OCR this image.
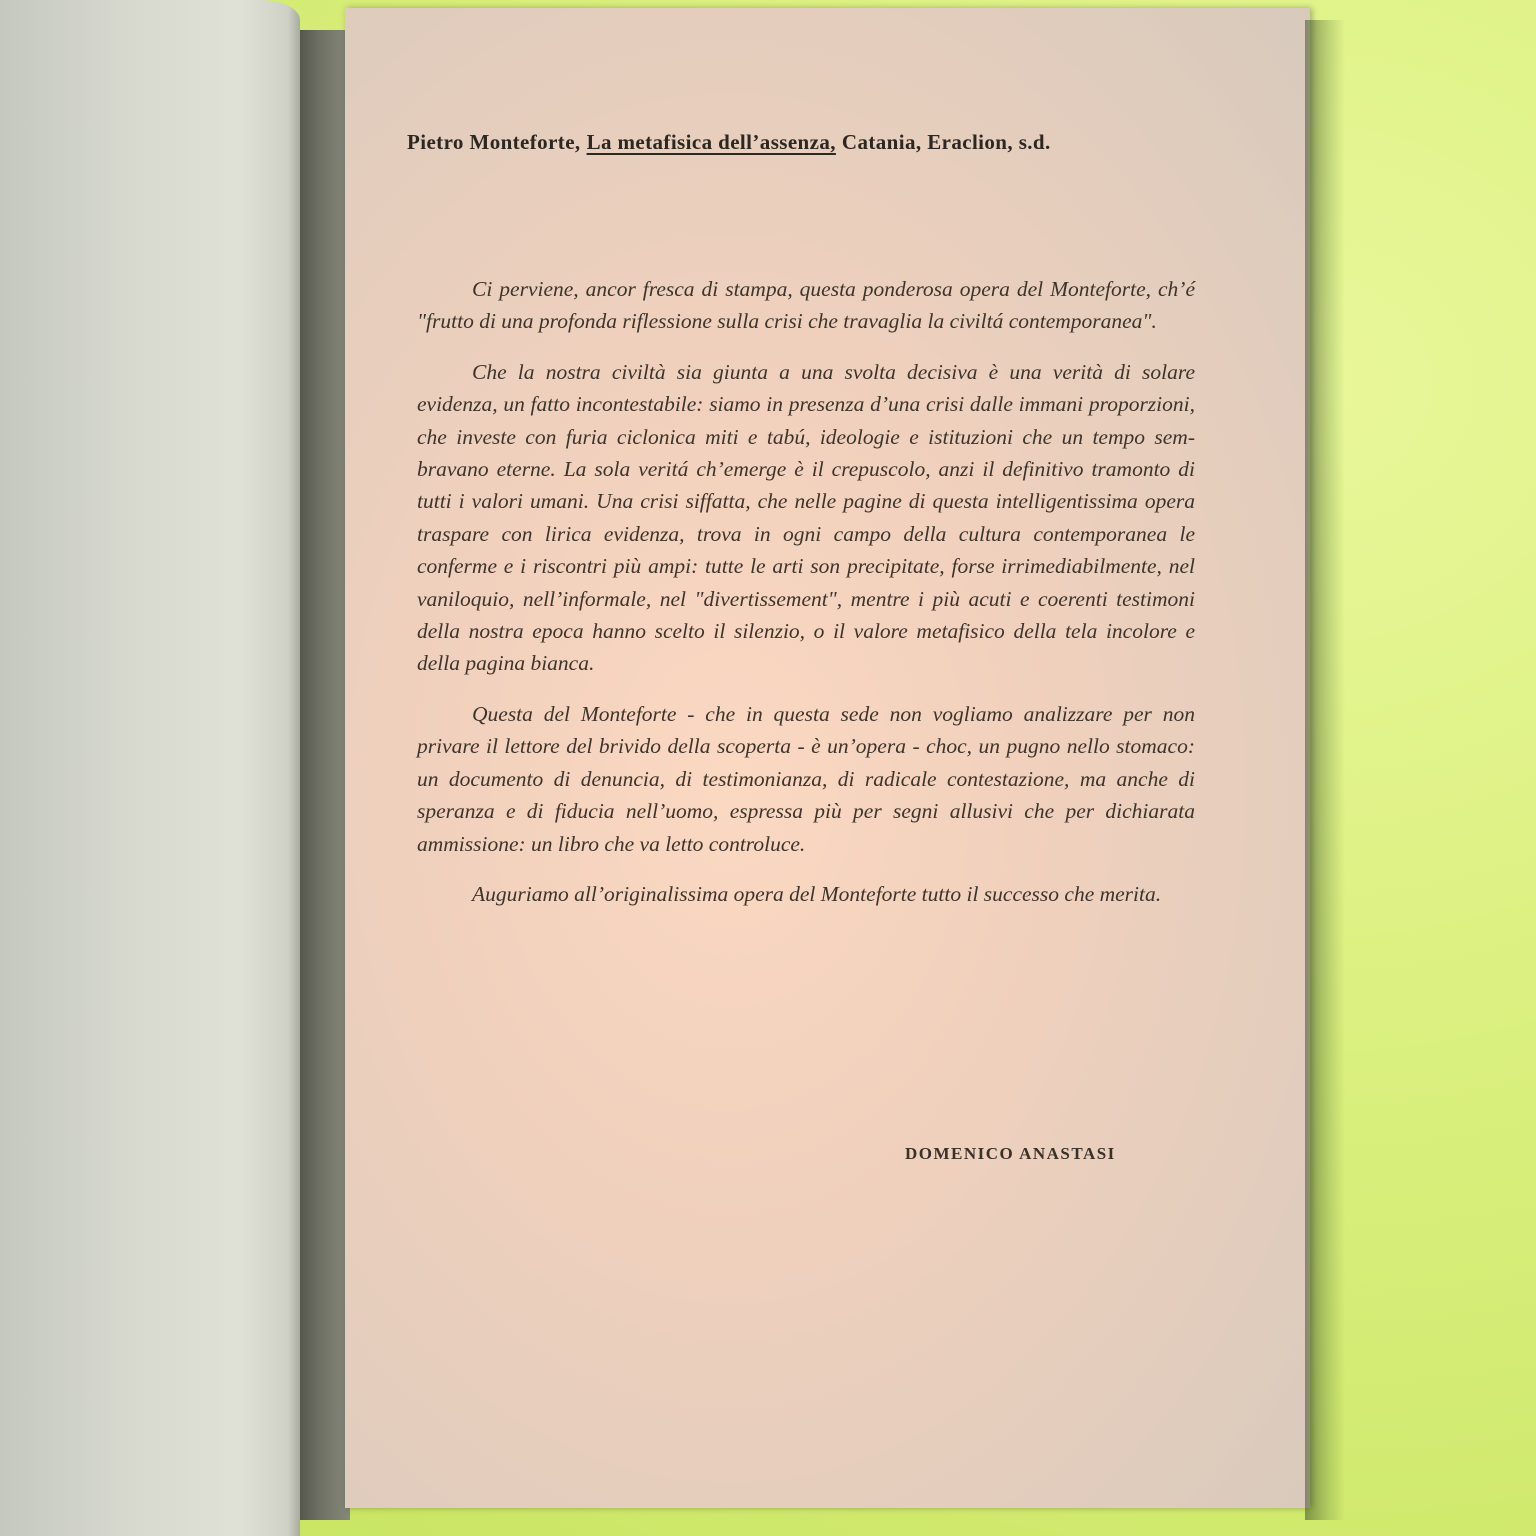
Pietro Monteforte, La metafisica dell’assenza, Catania, Eraclion, s.d.

Ci perviene, ancor fresca di stampa, questa ponderosa opera del Monteforte, ch’é "frutto di una profonda riflessione sulla crisi che travaglia la civiltá contemporanea".

Che la nostra civiltà sia giunta a una svolta decisiva è una verità di solare evidenza, un fatto incontestabile: siamo in presenza d’una crisi dalle immani proporzioni, che investe con furia ciclonica miti e tabú, ideologie e istituzioni che un tempo sembravano eterne. La sola veritá ch’emerge è il crepuscolo, anzi il definitivo tramonto di tutti i valori umani. Una crisi siffatta, che nelle pagine di questa intelligentissima opera traspare con lirica evidenza, trova in ogni campo della cultura contemporanea le conferme e i riscontri più ampi: tutte le arti son precipitate, forse irrimediabilmente, nel vaniloquio, nell’informale, nel "divertissement", mentre i più acuti e coerenti testimoni della nostra epoca hanno scelto il silenzio, o il valore metafisico della tela incolore e della pagina bianca.

Questa del Monteforte - che in questa sede non vogliamo analizzare per non privare il lettore del brivido della scoperta - è un’opera - choc, un pugno nello stomaco: un documento di denuncia, di testimonianza, di radicale contestazione, ma anche di speranza e di fiducia nell’uomo, espressa più per segni allusivi che per dichiarata ammissione: un libro che va letto controluce.

Auguriamo all’originalissima opera del Monteforte tutto il successo che merita.

DOMENICO ANASTASI
